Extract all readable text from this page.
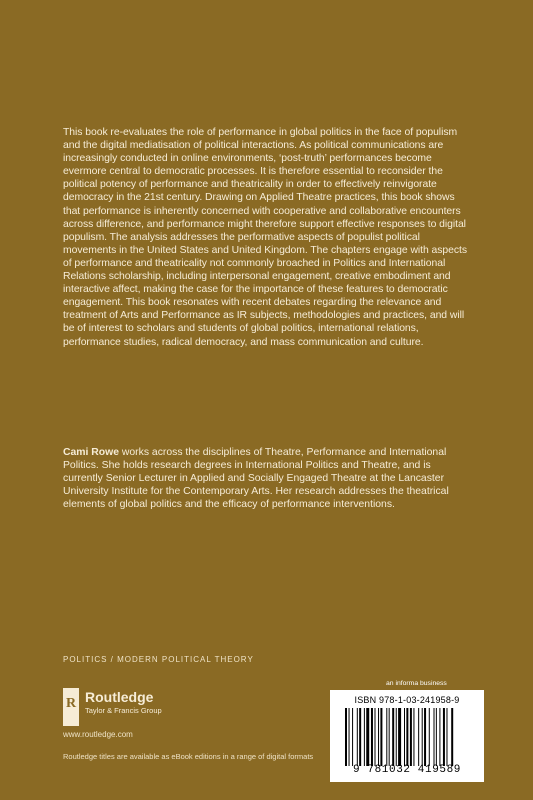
This book re-evaluates the role of performance in global politics in the face of populism and the digital mediatisation of political interactions. As political communications are increasingly conducted in online environments, ‘post-truth’ performances become evermore central to democratic processes. It is therefore essential to reconsider the political potency of performance and theatricality in order to effectively reinvigorate democracy in the 21st century. Drawing on Applied Theatre practices, this book shows that performance is inherently concerned with cooperative and collaborative encounters across difference, and performance might therefore support effective responses to digital populism. The analysis addresses the performative aspects of populist political movements in the United States and United Kingdom. The chapters engage with aspects of performance and theatricality not commonly broached in Politics and International Relations scholarship, including interpersonal engagement, creative embodiment and interactive affect, making the case for the importance of these features to democratic engagement. This book resonates with recent debates regarding the relevance and treatment of Arts and Performance as IR subjects, methodologies and practices, and will be of interest to scholars and students of global politics, international relations, performance studies, radical democracy, and mass communication and culture.

Cami Rowe works across the disciplines of Theatre, Performance and International Politics. She holds research degrees in International Politics and Theatre, and is currently Senior Lecturer in Applied and Socially Engaged Theatre at the Lancaster University Institute for the Contemporary Arts. Her research addresses the theatrical elements of global politics and the efficacy of performance interventions.

POLITICS / MODERN POLITICAL THEORY
R Routledge
Taylor & Francis Group
www.routledge.com
Routledge titles are available as eBook editions in a range of digital formats
an informa business
ISBN 978-1-03-241958-9
9 781032 419589
